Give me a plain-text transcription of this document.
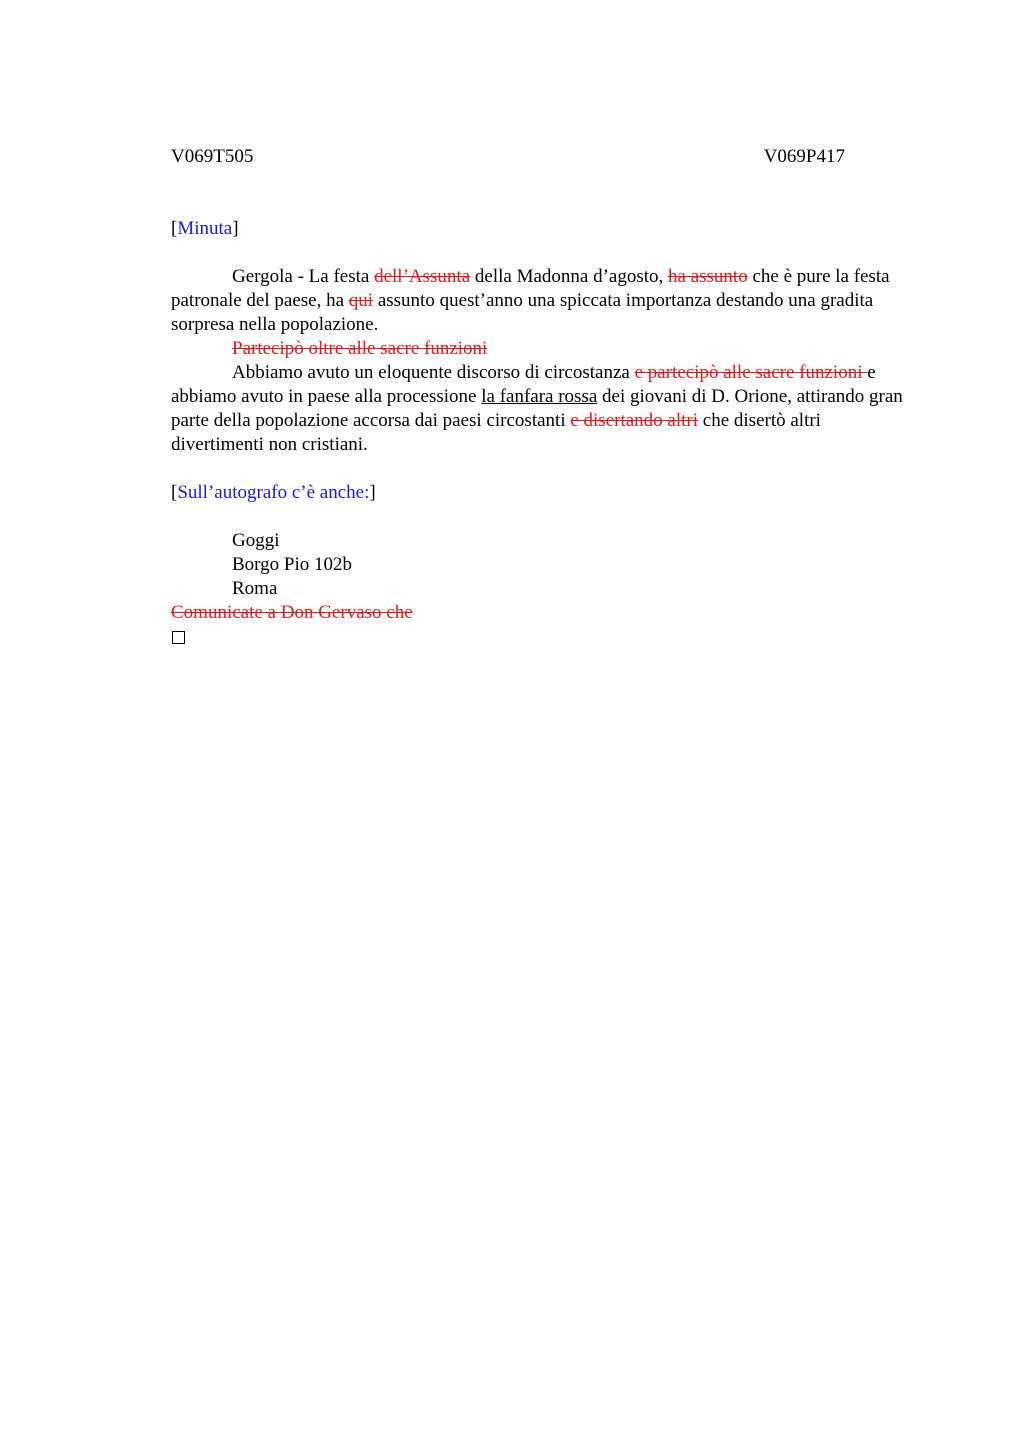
V069T505	V069P417

[Minuta]

Gergola - La festa dell’Assunta della Madonna d’agosto, ha assunto che è pure la festa patronale del paese, ha qui assunto quest’anno una spiccata importanza destando una gradita sorpresa nella popolazione.

Partecipò oltre alle sacre funzioni

Abbiamo avuto un eloquente discorso di circostanza e partecipò alle sacre funzioni e abbiamo avuto in paese alla processione la fanfara rossa dei giovani di D. Orione, attirando gran parte della popolazione accorsa dai paesi circostanti e disertando altri che disertò altri divertimenti non cristiani.

[Sull’autografo c’è anche:]

Goggi

Borgo Pio 102b

Roma

Comunicate a Don Gervaso che
